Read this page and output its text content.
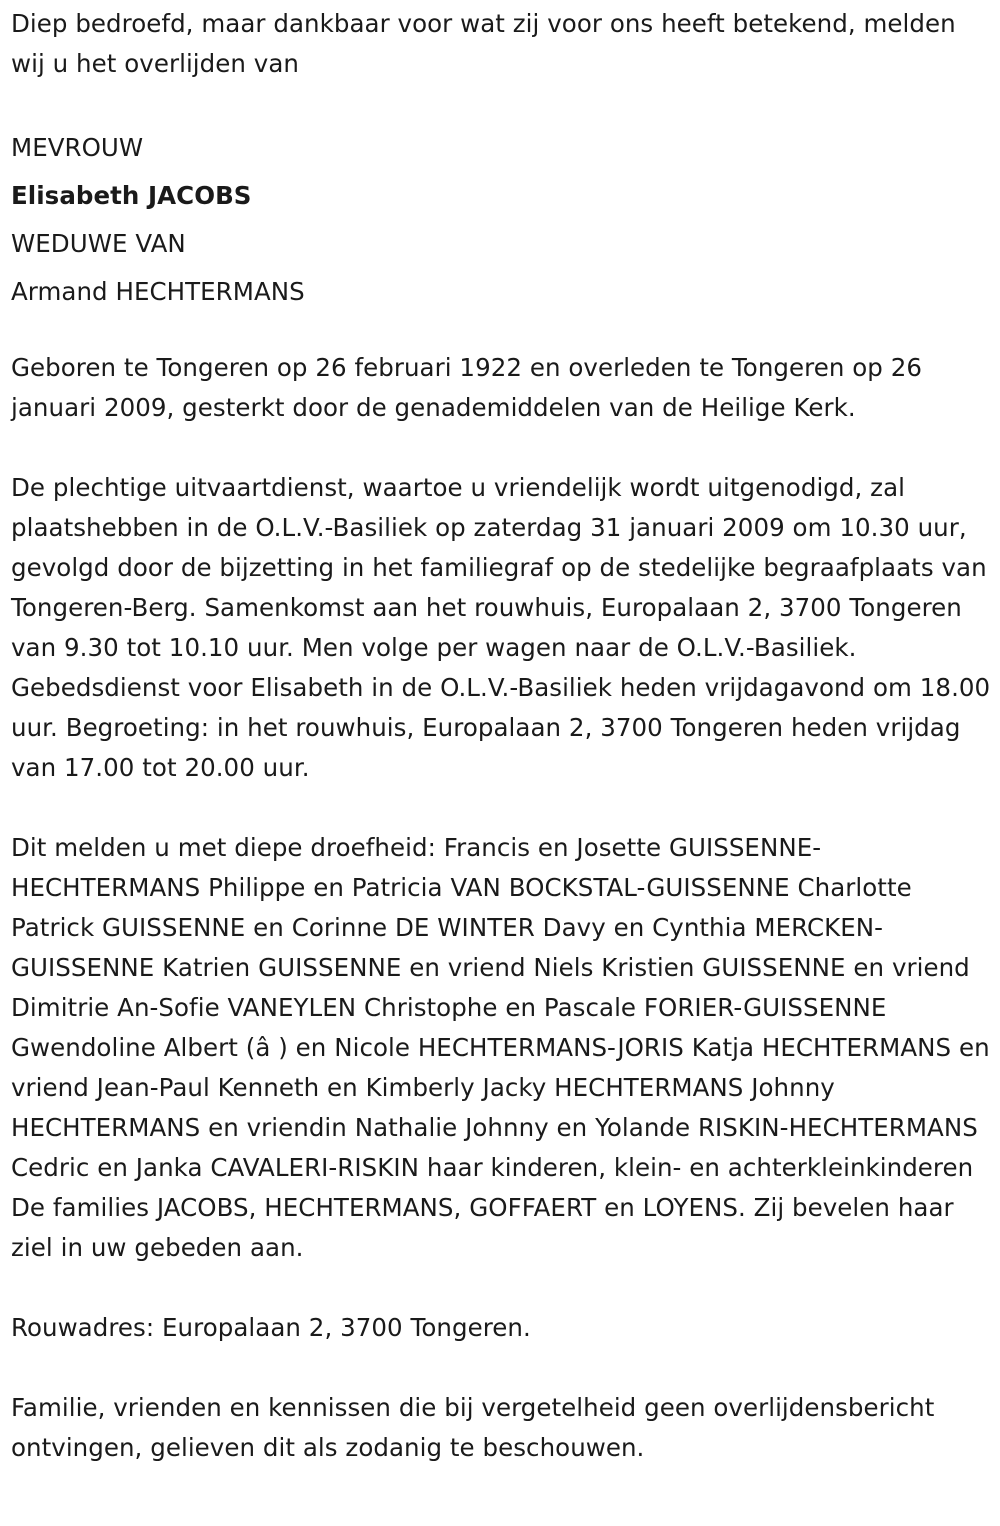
Diep bedroefd, maar dankbaar voor wat zij voor ons heeft betekend, melden wij u het overlijden van

MEVROUW
Elisabeth JACOBS
WEDUWE VAN
Armand HECHTERMANS

Geboren te Tongeren op 26 februari 1922 en overleden te Tongeren op 26 januari 2009, gesterkt door de genademiddelen van de Heilige Kerk.

De plechtige uitvaartdienst, waartoe u vriendelijk wordt uitgenodigd, zal plaatshebben in de O.L.V.-Basiliek op zaterdag 31 januari 2009 om 10.30 uur, gevolgd door de bijzetting in het familiegraf op de stedelijke begraafplaats van Tongeren-Berg. Samenkomst aan het rouwhuis, Europalaan 2, 3700 Tongeren van 9.30 tot 10.10 uur. Men volge per wagen naar de O.L.V.-Basiliek. Gebedsdienst voor Elisabeth in de O.L.V.-Basiliek heden vrijdagavond om 18.00 uur. Begroeting: in het rouwhuis, Europalaan 2, 3700 Tongeren heden vrijdag van 17.00 tot 20.00 uur.

Dit melden u met diepe droefheid: Francis en Josette GUISSENNE-HECHTERMANS Philippe en Patricia VAN BOCKSTAL-GUISSENNE Charlotte Patrick GUISSENNE en Corinne DE WINTER Davy en Cynthia MERCKEN-GUISSENNE Katrien GUISSENNE en vriend Niels Kristien GUISSENNE en vriend Dimitrie An-Sofie VANEYLEN Christophe en Pascale FORIER-GUISSENNE Gwendoline Albert (â ) en Nicole HECHTERMANS-JORIS Katja HECHTERMANS en vriend Jean-Paul Kenneth en Kimberly Jacky HECHTERMANS Johnny HECHTERMANS en vriendin Nathalie Johnny en Yolande RISKIN-HECHTERMANS Cedric en Janka CAVALERI-RISKIN haar kinderen, klein- en achterkleinkinderen De families JACOBS, HECHTERMANS, GOFFAERT en LOYENS. Zij bevelen haar ziel in uw gebeden aan.

Rouwadres: Europalaan 2, 3700 Tongeren.

Familie, vrienden en kennissen die bij vergetelheid geen overlijdensbericht ontvingen, gelieven dit als zodanig te beschouwen.
